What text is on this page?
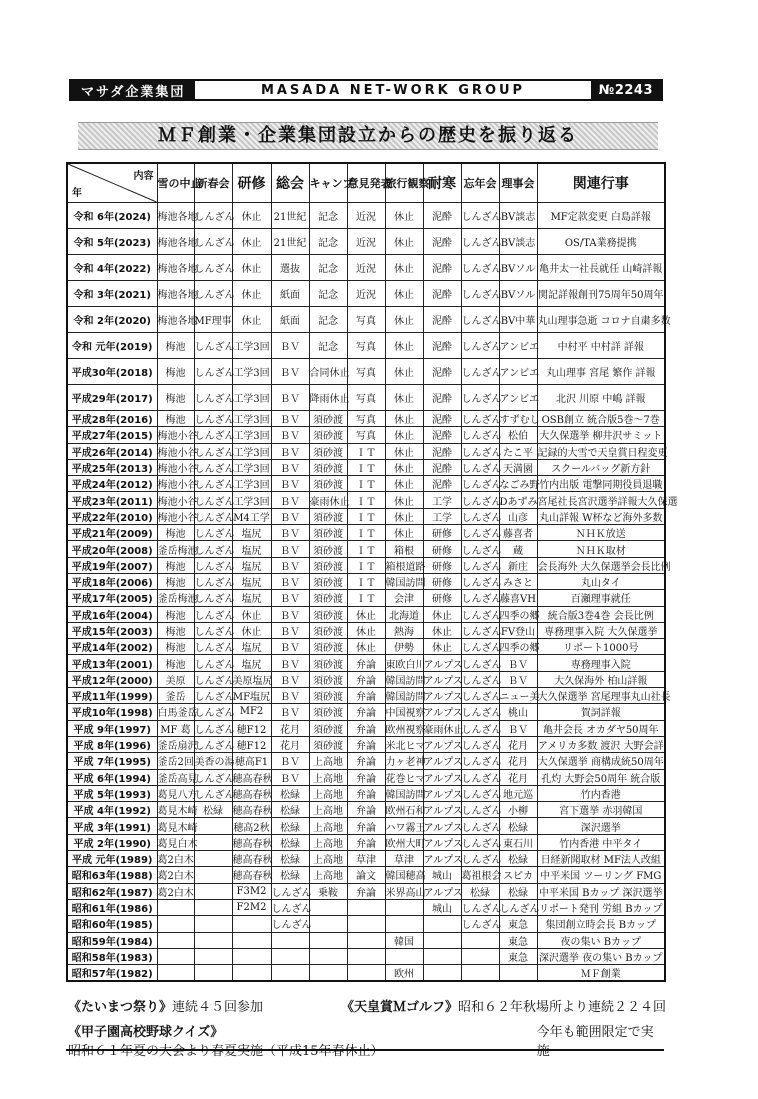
マサダ企業集団	MASADA NET-WORK GROUP	№2243
ＭＦ創業・企業集団設立からの歴史を振り返る
年
内容	雪の中止	新春会	研修	総会	キャンプ	意見発表	旅行観察	耐寒	忘年会	理事会	関連行事
令和 6年(2024)	梅池各地	しんざん	休止	21世紀	記念	近況	休止	泥酔	しんざん	BV談志	MF定款変更 白島詳報
令和 5年(2023)	梅池各地	しんざん	休止	21世紀	記念	近況	休止	泥酔	しんざん	BV談志	OS/TA業務提携
令和 4年(2022)	梅池各地	しんざん	休止	選抜	記念	近況	休止	泥酔	しんざん	BVソル	亀井太一社長就任 山崎詳報
令和 3年(2021)	梅池各地	しんざん	休止	紙面	記念	近況	休止	泥酔	しんざん	BVソル	関記詳報創刊75周年50周年
令和 2年(2020)	梅池各地	MF理事	休止	紙面	記念	写真	休止	泥酔	しんざん	BV中華	丸山理事急逝 コロナ自粛多数
令和 元年(2019)	梅池	しんざん	工学3回	ＢＶ	記念	写真	休止	泥酔	しんざん	アンビエ	中村平 中村詳 詳報
平成30年(2018)	梅池	しんざん	工学3回	ＢＶ	合同休止	写真	休止	泥酔	しんざん	アンビエ	丸山理事 宮尾 繁作 詳報
平成29年(2017)	梅池	しんざん	工学3回	ＢＶ	降雨休止	写真	休止	泥酔	しんざん	アンビエ	北沢 川原 中嶋 詳報
平成28年(2016)	梅池	しんざん	工学3回	ＢＶ	須砂渡	写真	休止	泥酔	しんざん	すずむし	OSB創立 統合版5巻〜7巻
平成27年(2015)	梅池小谷	しんざん	工学3回	ＢＶ	須砂渡	写真	休止	泥酔	しんざん	松伯	大久保選挙 柳井沢サミット
平成26年(2014)	梅池小谷	しんざん	工学3回	ＢＶ	須砂渡	ＩＴ	休止	泥酔	しんざん	たこ平	記録的大雪で天皇賞日程変更
平成25年(2013)	梅池小谷	しんざん	工学3回	ＢＶ	須砂渡	ＩＴ	休止	泥酔	しんざん	天満園	スクールバッグ新方針
平成24年(2012)	梅池小谷	しんざん	工学3回	ＢＶ	須砂渡	ＩＴ	休止	泥酔	しんざん	なごみ野	竹内出版 電撃同期役員退職
平成23年(2011)	梅池小谷	しんざん	工学3回	ＢＶ	豪雨休止	ＩＴ	休止	工学	しんざん	Dあずみ	宮尾社長宮沢選挙詳報大久保選
平成22年(2010)	梅池小谷	しんざん	M4工学	ＢＶ	須砂渡	ＩＴ	休止	工学	しんざん	山彦	丸山詳報 W杯など海外多数
平成21年(2009)	梅池	しんざん	塩尻	ＢＶ	須砂渡	ＩＴ	休止	研修	しんざん	藤喜者	ＮＨＫ放送
平成20年(2008)	釜岳梅池	しんざん	塩尻	ＢＶ	須砂渡	ＩＴ	箱根	研修	しんざん	蔵	ＮＨＫ取材
平成19年(2007)	梅池	しんざん	塩尻	ＢＶ	須砂渡	ＩＴ	箱根道路	研修	しんざん	新庄	会長海外 大久保選挙会長比例
平成18年(2006)	梅池	しんざん	塩尻	ＢＶ	須砂渡	ＩＴ	韓国訪問	研修	しんざん	みさと	丸山タイ
平成17年(2005)	釜岳梅池	しんざん	塩尻	ＢＶ	須砂渡	ＩＴ	会津	研修	しんざん	藤喜VH	百瀬理事就任
平成16年(2004)	梅池	しんざん	休止	ＢＶ	須砂渡	休止	北海道	休止	しんざん	四季の郷	統合版3巻4巻 会長比例
平成15年(2003)	梅池	しんざん	休止	ＢＶ	須砂渡	休止	熱海	休止	しんざん	FV登山	専務理事入院 大久保選挙
平成14年(2002)	梅池	しんざん	塩尻	ＢＶ	須砂渡	休止	伊勢	休止	しんざん	四季の郷	リポート1000号
平成13年(2001)	梅池	しんざん	塩尻	ＢＶ	須砂渡	弁論	東欧白川	アルプス	しんざん	ＢＶ	専務理事入院
平成12年(2000)	美原	しんざん	美原塩尻	ＢＶ	須砂渡	弁論	韓国訪問	アルプス	しんざん	ＢＶ	大久保海外 柏山詳報
平成11年(1999)	釜岳	しんざん	MF塩尻	ＢＶ	須砂渡	弁論	韓国訪問	アルプス	しんざん	ニュー美	大久保選挙 宮尾理事丸山社長
平成10年(1998)	白馬釜岳	しんざん	MF2	ＢＶ	須砂渡	弁論	中国視察	アルプス	しんざん	桃山	賀詞詳報
平成 9年(1997)	MF 葛	しんざん	穂F12	花月	須砂渡	弁論	欧州視察	豪雨休止	しんざん	ＢＶ	亀井会長 オカダヤ50周年
平成 8年(1996)	釜岳扇沢	しんざん	穂F12	花月	須砂渡	弁論	米北ヒマ	アルプス	しんざん	花月	アメリカ多数 渡沢 大野会詳
平成 7年(1995)	釜岳2回	美香の湯	穂高F1	ＢＶ	上高地	弁論	力ヶ老神	アルプス	しんざん	花月	大久保選挙 商構成統50周年
平成 6年(1994)	釜岳高見	しんざん	穂高春秋	ＢＶ	上高地	弁論	花巻ヒマ	アルプス	しんざん	花月	孔灼 大野会50周年 統合版
平成 5年(1993)	葛見八方	しんざん	穂高春秋	松緑	上高地	弁論	韓国訪問	アルプス	しんざん	地元巡	竹内香港
平成 4年(1992)	葛見木崎	松緑	穂高春秋	松緑	上高地	弁論	欧州石和	アルプス	しんざん	小柳	宮下選挙 赤羽韓国
平成 3年(1991)	葛見木崎		穂高2秋	松緑	上高地	弁論	ハワ霧王	アルプス	しんざん	松緑	深沢選挙
平成 2年(1990)	葛見白木		穂高春秋	松緑	上高地	弁論	欧州大町	アルプス	しんざん	東石川	竹内香港 中平タイ
平成 元年(1989)	葛2白木		穂高春秋	松緑	上高地	草津	草津	アルプス	しんざん	松緑	日経新聞取材 MF法人改組
昭和63年(1988)	葛2白木		穂高春秋	松緑	上高地	論文	韓国穂高	城山	葛祖根会	スピカ	中平米国 ツーリング FMG
昭和62年(1987)	葛2白木		F3M2	しんざん	乗鞍	弁論	米界高山	アルプス	松緑	松緑	中平米国 Bカップ 深沢選挙
昭和61年(1986)			F2M2	しんざん				城山	しんざん	しんざん	リポート発刊 労組 Bカップ
昭和60年(1985)				しんざん					しんざん	東急	集団創立時会長 Bカップ
昭和59年(1984)							韓国			東急	夜の集い Bカップ
昭和58年(1983)										東急	深沢選挙 夜の集い Bカップ
昭和57年(1982)							欧州				ＭＦ創業
《たいまつ祭り》連続４５回参加	《天皇賞Ｍゴルフ》昭和６２年秋場所より連続２２４回
《甲子園高校野球クイズ》昭和６１年夏の大会より春夏実施（平成15年春休止）
今年も範囲限定で実施
